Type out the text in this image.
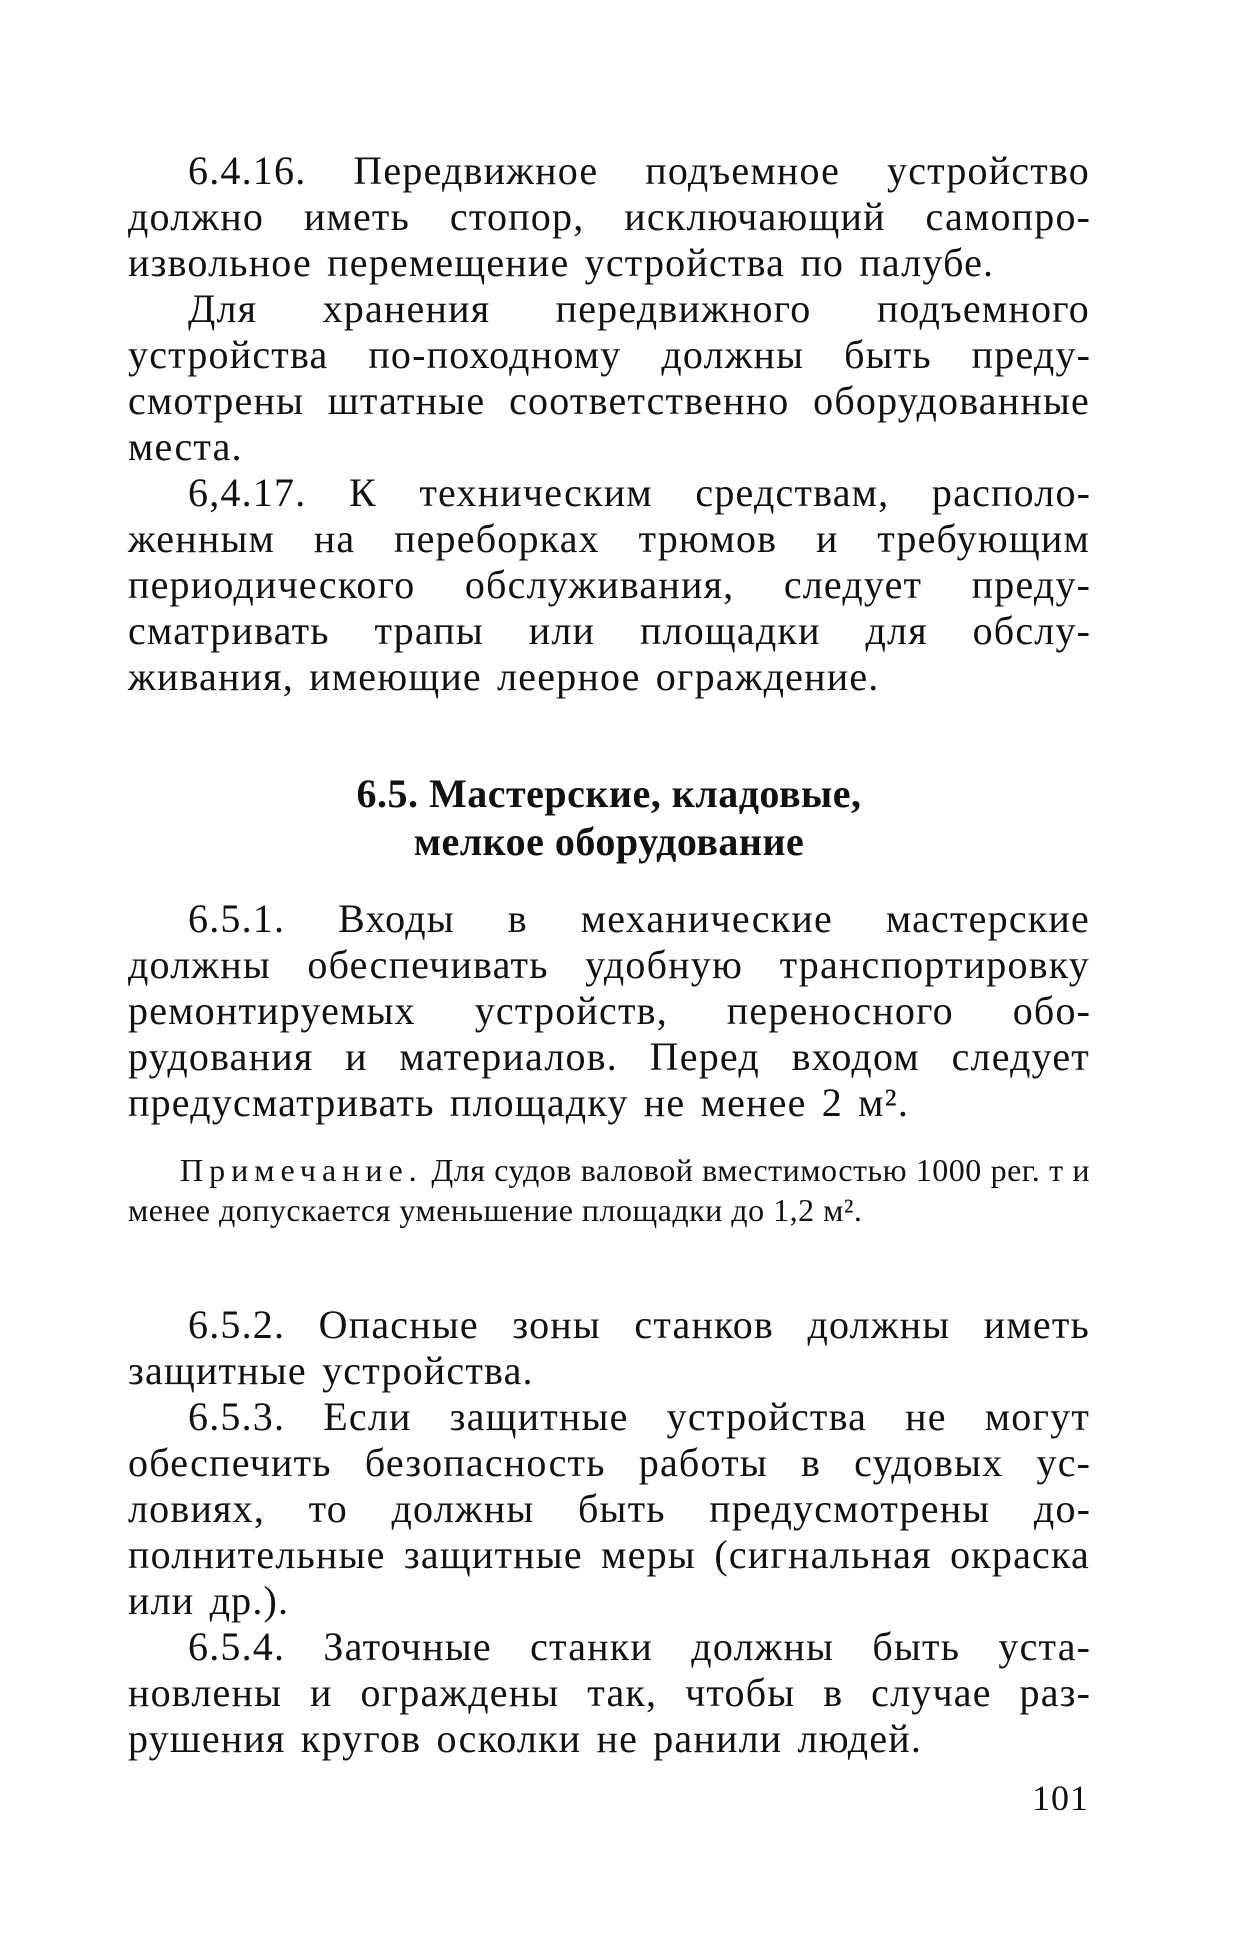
6.4.16. Передвижное подъемное устройство должно иметь стопор, исключающий самопроизвольное перемещение устройства по палубе.

Для хранения передвижного подъемного устройства по-походному должны быть предусмотрены штатные соответственно оборудованные места.

6,4.17. К техническим средствам, расположенным на переборках трюмов и требующим периодического обслуживания, следует предусматривать трапы или площадки для обслуживания, имеющие леерное ограждение.

6.5. Мастерские, кладовые,
мелкое оборудование

6.5.1. Входы в механические мастерские должны обеспечивать удобную транспортировку ремонтируемых устройств, переносного оборудования и материалов. Перед входом следует предусматривать площадку не менее 2 м².

Примечание. Для судов валовой вместимостью 1000 рег. т и менее допускается уменьшение площадки до 1,2 м².

6.5.2. Опасные зоны станков должны иметь защитные устройства.

6.5.3. Если защитные устройства не могут обеспечить безопасность работы в судовых условиях, то должны быть предусмотрены дополнительные защитные меры (сигнальная окраска или др.).

6.5.4. Заточные станки должны быть установлены и ограждены так, чтобы в случае разрушения кругов осколки не ранили людей.

101
